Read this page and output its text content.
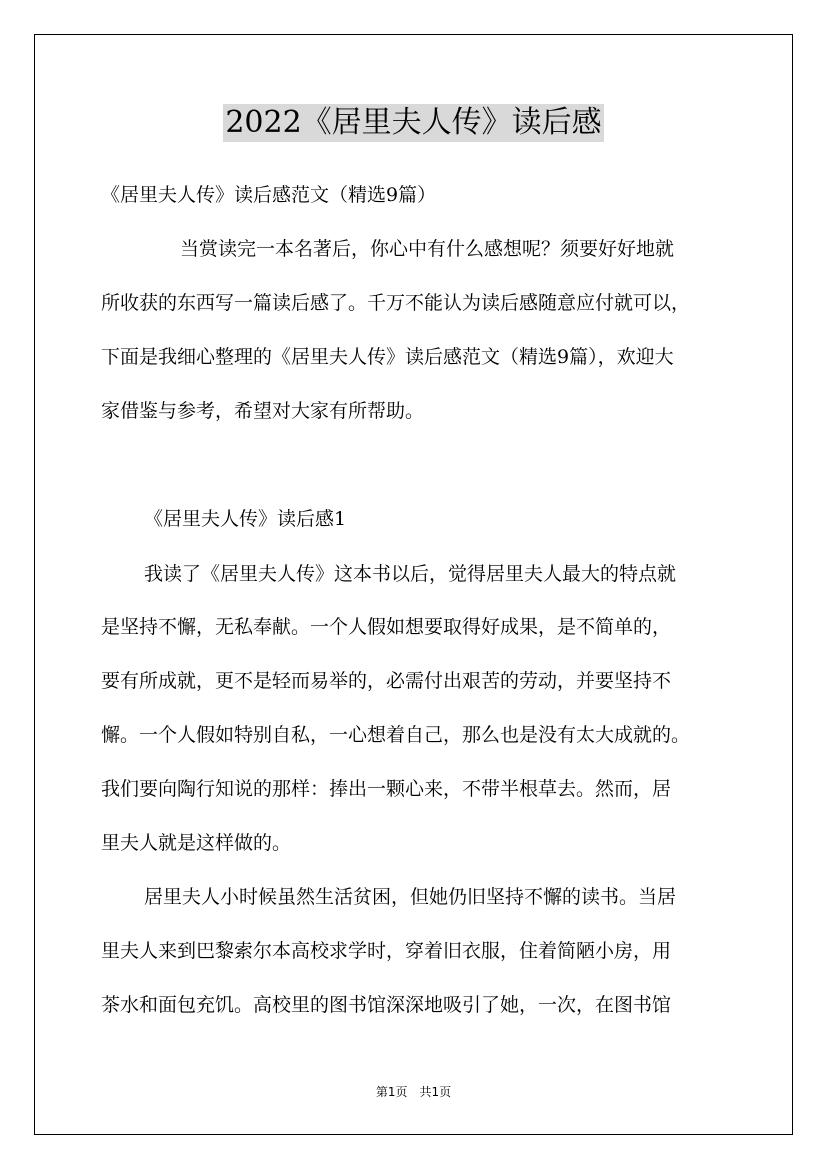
2022《居里夫人传》读后感
《居里夫人传》读后感范文（精选9篇）
当赏读完一本名著后，你心中有什么感想呢？须要好好地就
所收获的东西写一篇读后感了。千万不能认为读后感随意应付就可以，
下面是我细心整理的《居里夫人传》读后感范文（精选9篇），欢迎大
家借鉴与参考，希望对大家有所帮助。
《居里夫人传》读后感1
我读了《居里夫人传》这本书以后，觉得居里夫人最大的特点就
是坚持不懈，无私奉献。一个人假如想要取得好成果，是不简单的，
要有所成就，更不是轻而易举的，必需付出艰苦的劳动，并要坚持不
懈。一个人假如特别自私，一心想着自己，那么也是没有太大成就的。
我们要向陶行知说的那样：捧出一颗心来，不带半根草去。然而，居
里夫人就是这样做的。
居里夫人小时候虽然生活贫困，但她仍旧坚持不懈的读书。当居
里夫人来到巴黎索尔本高校求学时，穿着旧衣服，住着简陋小房，用
茶水和面包充饥。高校里的图书馆深深地吸引了她，一次，在图书馆
第1页　共1页
